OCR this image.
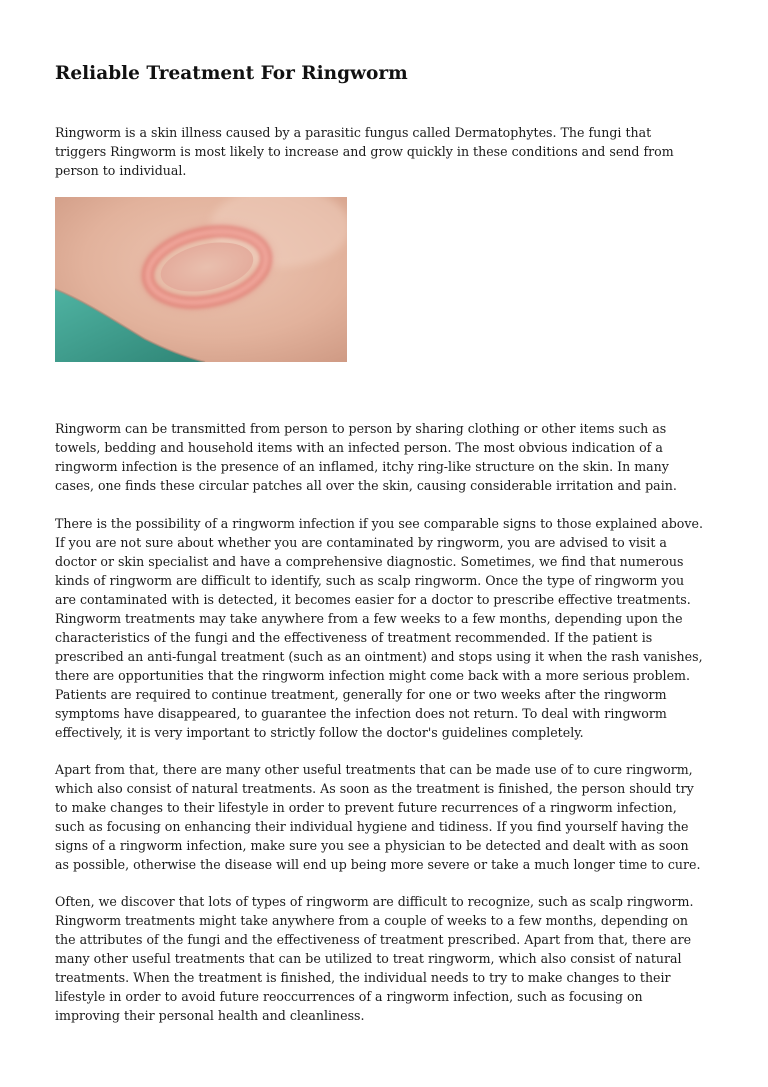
Reliable Treatment For Ringworm

Ringworm is a skin illness caused by a parasitic fungus called Dermatophytes. The fungi that
triggers Ringworm is most likely to increase and grow quickly in these conditions and send from
person to individual.

Ringworm can be transmitted from person to person by sharing clothing or other items such as
towels, bedding and household items with an infected person. The most obvious indication of a
ringworm infection is the presence of an inflamed, itchy ring-like structure on the skin. In many
cases, one finds these circular patches all over the skin, causing considerable irritation and pain.

There is the possibility of a ringworm infection if you see comparable signs to those explained above.
If you are not sure about whether you are contaminated by ringworm, you are advised to visit a
doctor or skin specialist and have a comprehensive diagnostic. Sometimes, we find that numerous
kinds of ringworm are difficult to identify, such as scalp ringworm. Once the type of ringworm you
are contaminated with is detected, it becomes easier for a doctor to prescribe effective treatments.
Ringworm treatments may take anywhere from a few weeks to a few months, depending upon the
characteristics of the fungi and the effectiveness of treatment recommended. If the patient is
prescribed an anti-fungal treatment (such as an ointment) and stops using it when the rash vanishes,
there are opportunities that the ringworm infection might come back with a more serious problem.
Patients are required to continue treatment, generally for one or two weeks after the ringworm
symptoms have disappeared, to guarantee the infection does not return. To deal with ringworm
effectively, it is very important to strictly follow the doctor's guidelines completely.

Apart from that, there are many other useful treatments that can be made use of to cure ringworm,
which also consist of natural treatments. As soon as the treatment is finished, the person should try
to make changes to their lifestyle in order to prevent future recurrences of a ringworm infection,
such as focusing on enhancing their individual hygiene and tidiness. If you find yourself having the
signs of a ringworm infection, make sure you see a physician to be detected and dealt with as soon
as possible, otherwise the disease will end up being more severe or take a much longer time to cure.

Often, we discover that lots of types of ringworm are difficult to recognize, such as scalp ringworm.
Ringworm treatments might take anywhere from a couple of weeks to a few months, depending on
the attributes of the fungi and the effectiveness of treatment prescribed. Apart from that, there are
many other useful treatments that can be utilized to treat ringworm, which also consist of natural
treatments. When the treatment is finished, the individual needs to try to make changes to their
lifestyle in order to avoid future reoccurrences of a ringworm infection, such as focusing on
improving their personal health and cleanliness.
